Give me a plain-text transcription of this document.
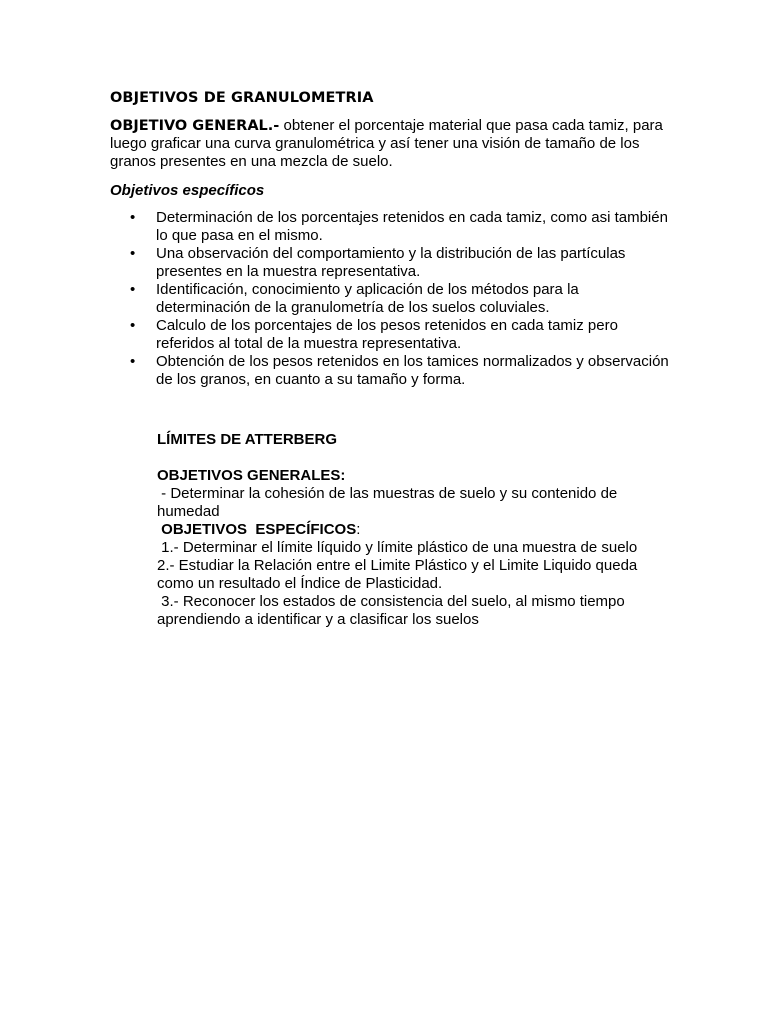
OBJETIVOS DE GRANULOMETRIA

OBJETIVO GENERAL.- obtener el porcentaje material que pasa cada tamiz, para luego graficar una curva granulométrica y así tener una visión de tamaño de los granos presentes en una mezcla de suelo.

Objetivos específicos

• Determinación de los porcentajes retenidos en cada tamiz, como asi también lo que pasa en el mismo.
• Una observación del comportamiento y la distribución de las partículas presentes en la muestra representativa.
• Identificación, conocimiento y aplicación de los métodos para la determinación de la granulometría de los suelos coluviales.
• Calculo de los porcentajes de los pesos retenidos en cada tamiz pero referidos al total de la muestra representativa.
• Obtención de los pesos retenidos en los tamices normalizados y observación de los granos, en cuanto a su tamaño y forma.

LÍMITES DE ATTERBERG

OBJETIVOS GENERALES:

- Determinar la cohesión de las muestras de suelo y su contenido de humedad

OBJETIVOS  ESPECÍFICOS:

1.- Determinar el límite líquido y límite plástico de una muestra de suelo

2.- Estudiar la Relación entre el Limite Plástico y el Limite Liquido queda como un resultado el Índice de Plasticidad.

3.- Reconocer los estados de consistencia del suelo, al mismo tiempo aprendiendo a identificar y a clasificar los suelos
